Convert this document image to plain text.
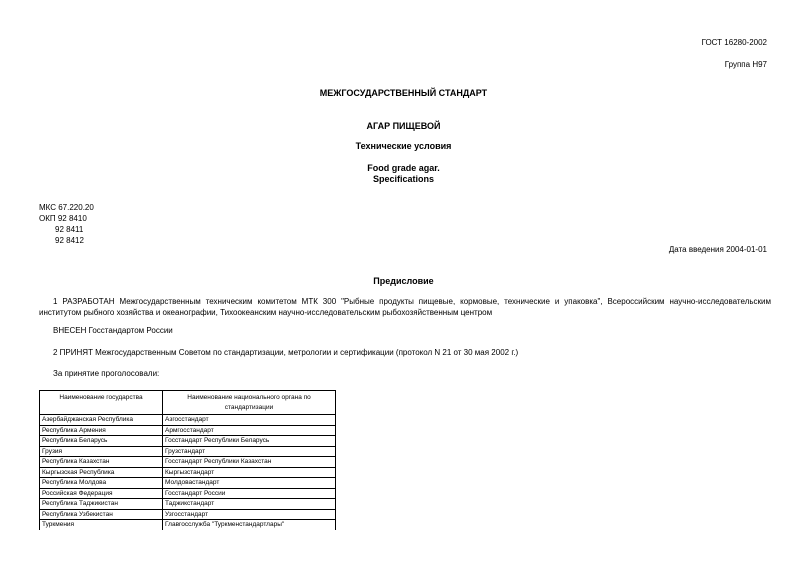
ГОСТ 16280-2002
Группа Н97
МЕЖГОСУДАРСТВЕННЫЙ СТАНДАРТ
АГАР ПИЩЕВОЙ
Технические условия
Food grade agar.
Specifications
МКС 67.220.20
ОКП 92 8410
92 8411
92 8412
Дата введения 2004-01-01
Предисловие
1 РАЗРАБОТАН Межгосударственным техническим комитетом МТК 300 "Рыбные продукты пищевые, кормовые, технические и упаковка", Всероссийским научно-исследовательским институтом рыбного хозяйства и океанографии, Тихоокеанским научно-исследовательским рыбохозяйственным центром
ВНЕСЕН Госстандартом России
2 ПРИНЯТ Межгосударственным Советом по стандартизации, метрологии и сертификации (протокол N 21 от 30 мая 2002 г.)
За принятие проголосовали:
Наименование государства	Наименование национального органа по стандартизации
Азербайджанская Республика	Азгосстандарт
Республика Армения	Армгосстандарт
Республика Беларусь	Госстандарт Республики Беларусь
Грузия	Грузстандарт
Республика Казахстан	Госстандарт Республики Казахстан
Кыргызская Республика	Кыргызстандарт
Республика Молдова	Молдовастандарт
Российская Федерация	Госстандарт России
Республика Таджикистан	Таджикстандарт
Республика Узбекистан	Узгосстандарт
Туркмения	Главгосслужба "Туркменстандартлары"
